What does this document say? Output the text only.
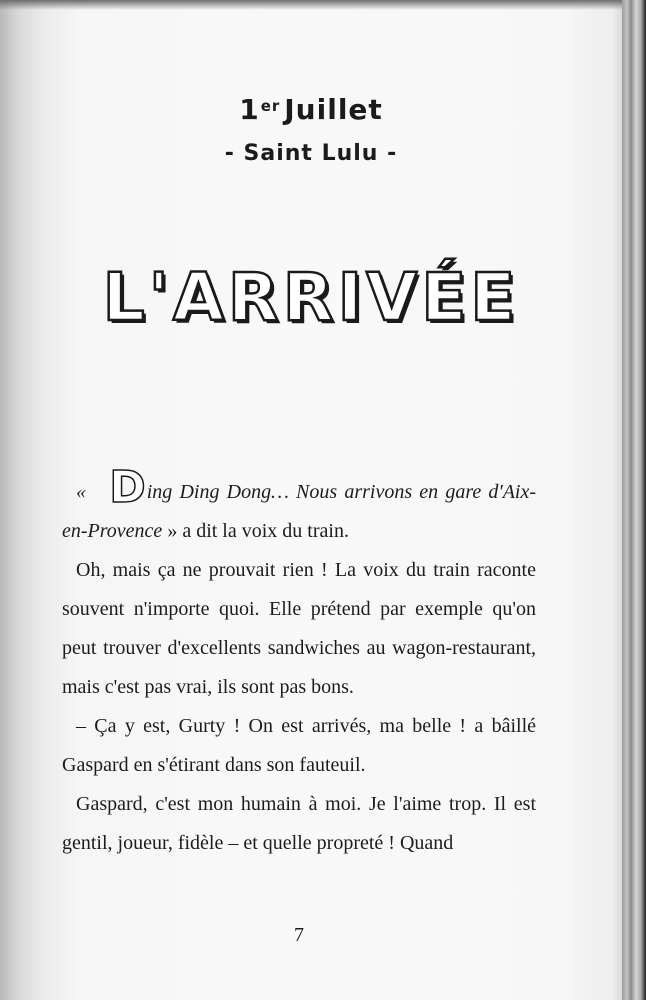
1er Juillet
- Saint Lulu -
L'ARRIVÉE

« Ding Ding Dong… Nous arrivons en gare d'Aix-en-Provence » a dit la voix du train.

Oh, mais ça ne prouvait rien ! La voix du train raconte souvent n'importe quoi. Elle prétend par exemple qu'on peut trouver d'excellents sandwiches au wagon-restaurant, mais c'est pas vrai, ils sont pas bons.

– Ça y est, Gurty ! On est arrivés, ma belle ! a bâillé Gaspard en s'étirant dans son fauteuil.

Gaspard, c'est mon humain à moi. Je l'aime trop. Il est gentil, joueur, fidèle – et quelle propreté ! Quand

7
